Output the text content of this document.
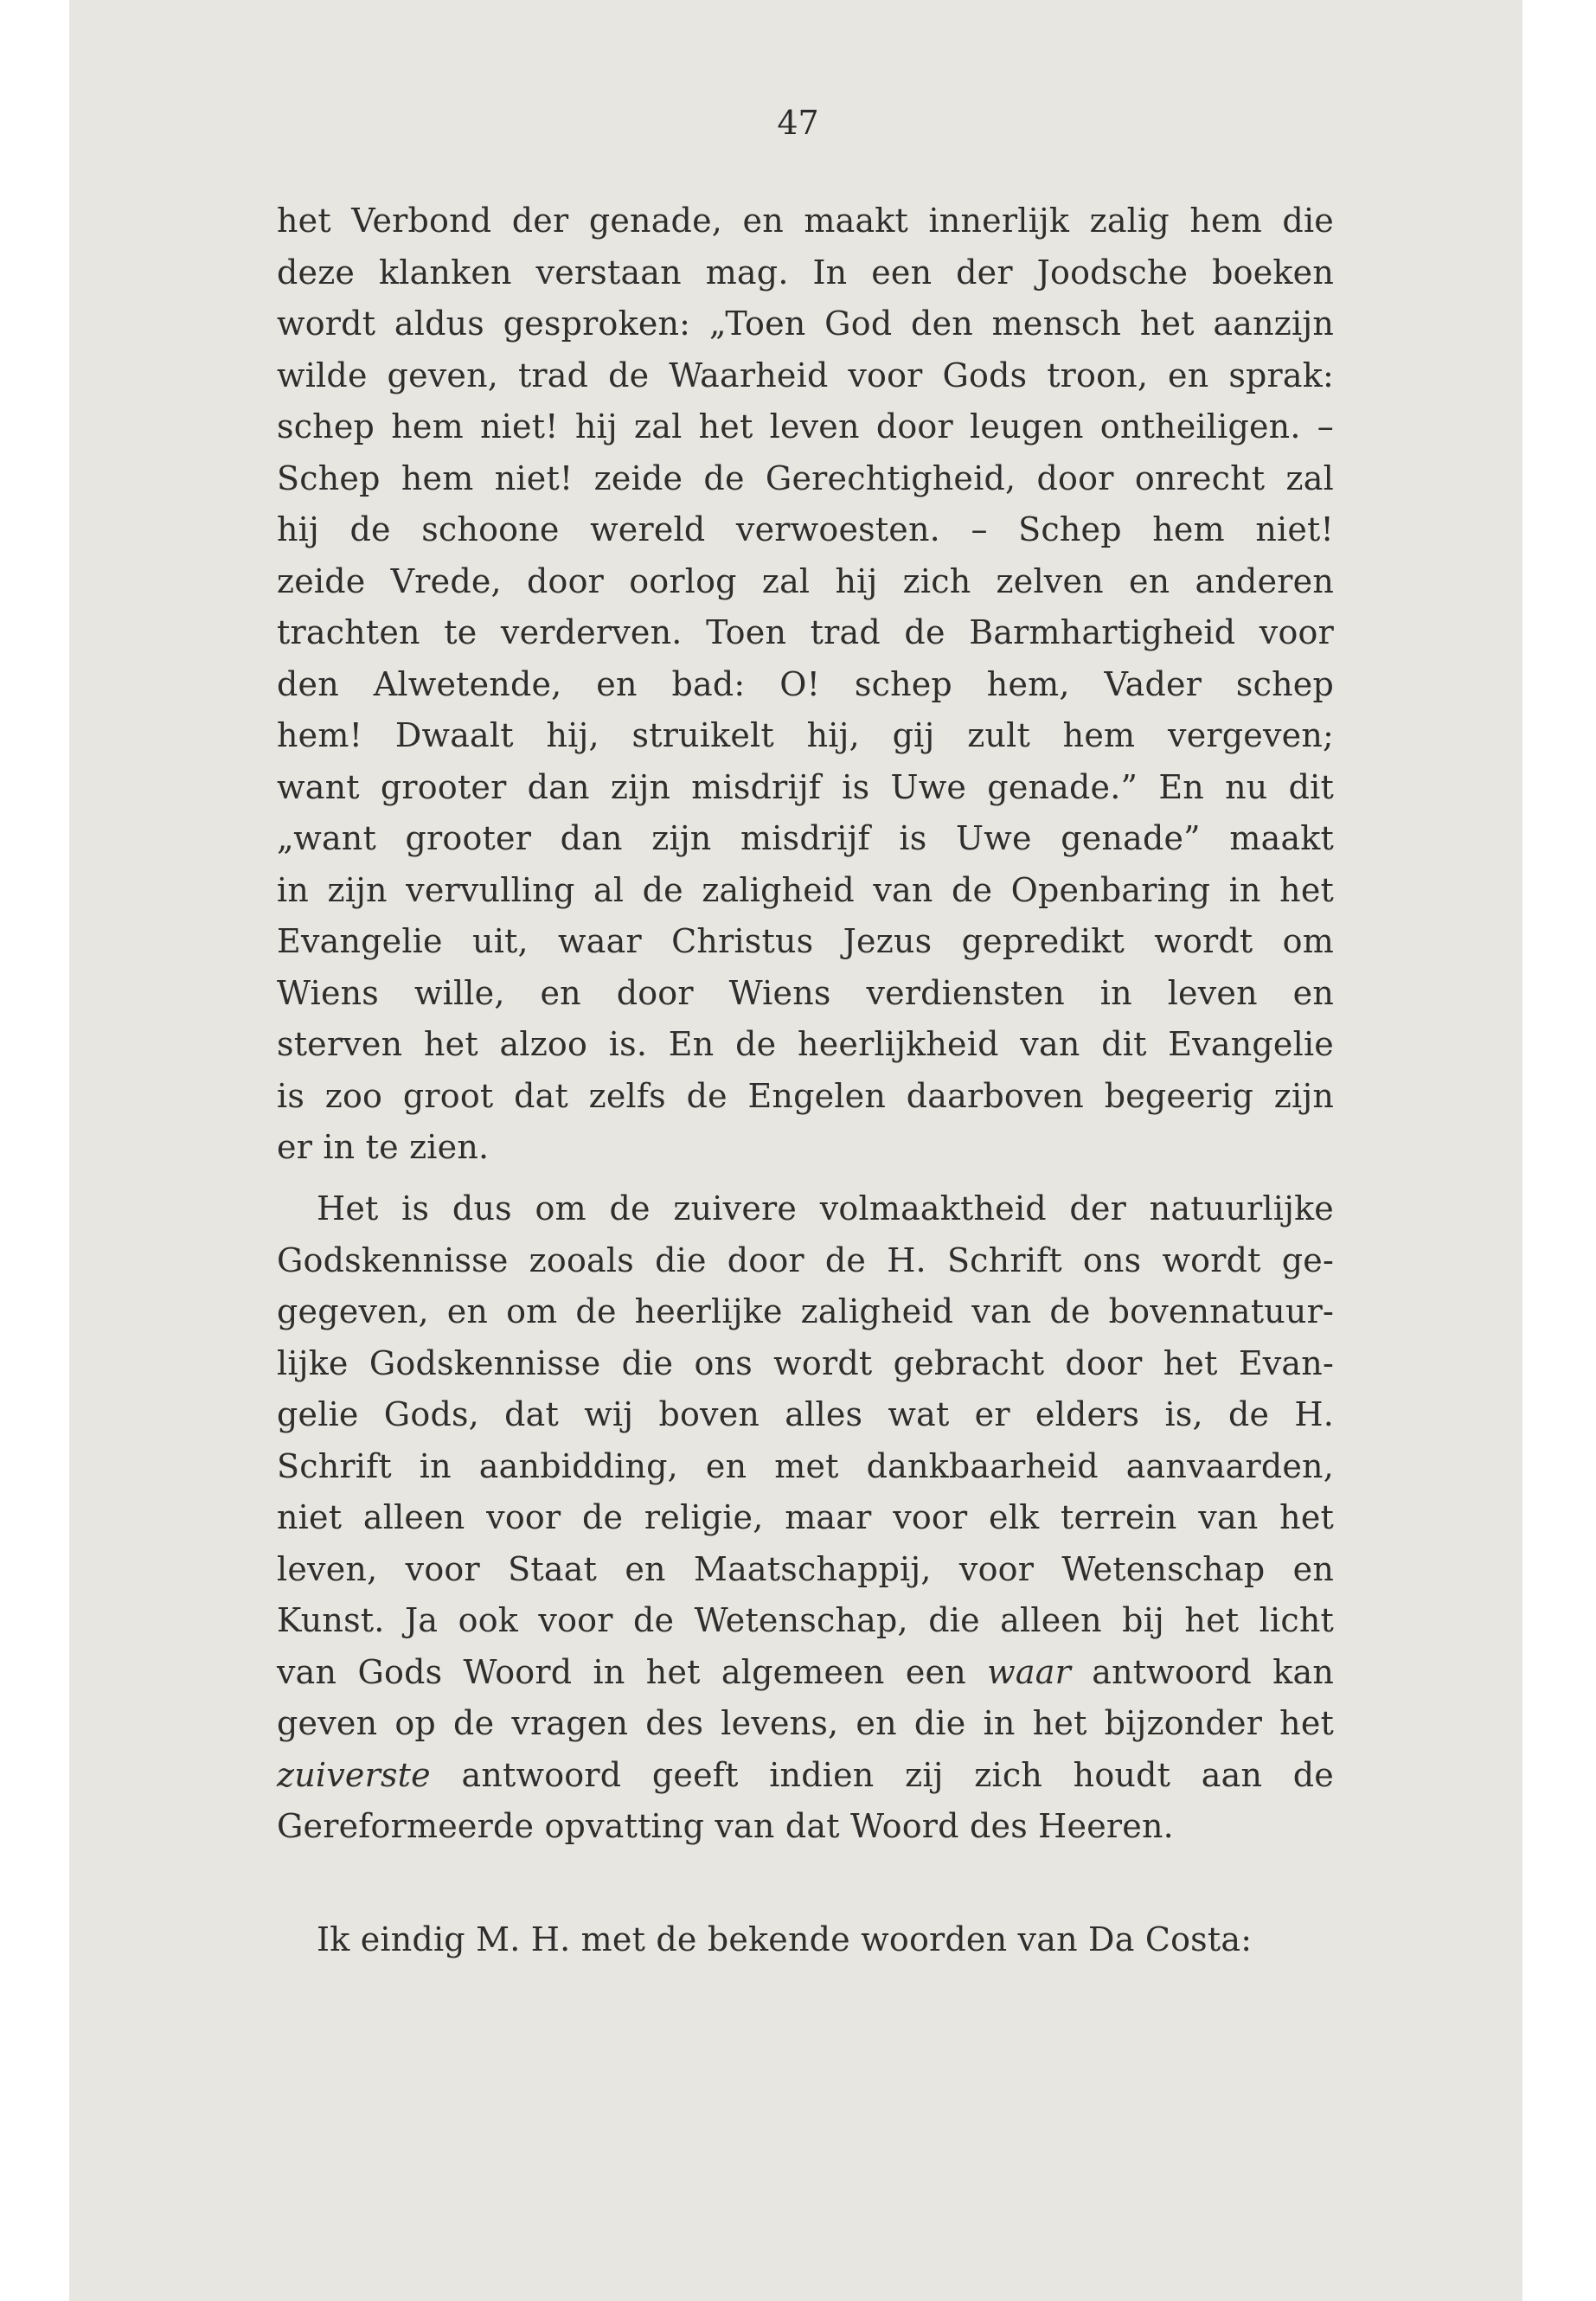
47

het Verbond der genade, en maakt innerlijk zalig hem die
deze klanken verstaan mag. In een der Joodsche boeken
wordt aldus gesproken: „Toen God den mensch het aanzijn
wilde geven, trad de Waarheid voor Gods troon, en sprak:
schep hem niet! hij zal het leven door leugen ontheiligen. –
Schep hem niet! zeide de Gerechtigheid, door onrecht zal
hij de schoone wereld verwoesten. – Schep hem niet!
zeide Vrede, door oorlog zal hij zich zelven en anderen
trachten te verderven. Toen trad de Barmhartigheid voor
den Alwetende, en bad: O! schep hem, Vader schep
hem! Dwaalt hij, struikelt hij, gij zult hem vergeven;
want grooter dan zijn misdrijf is Uwe genade.” En nu dit
„want grooter dan zijn misdrijf is Uwe genade” maakt
in zijn vervulling al de zaligheid van de Openbaring in het
Evangelie uit, waar Christus Jezus gepredikt wordt om
Wiens wille, en door Wiens verdiensten in leven en
sterven het alzoo is. En de heerlijkheid van dit Evangelie
is zoo groot dat zelfs de Engelen daarboven begeerig zijn
er in te zien.
Het is dus om de zuivere volmaaktheid der natuurlijke
Godskennisse zooals die door de H. Schrift ons wordt ge-
gegeven, en om de heerlijke zaligheid van de bovennatuur-
lijke Godskennisse die ons wordt gebracht door het Evan-
gelie Gods, dat wij boven alles wat er elders is, de H.
Schrift in aanbidding, en met dankbaarheid aanvaarden,
niet alleen voor de religie, maar voor elk terrein van het
leven, voor Staat en Maatschappij, voor Wetenschap en
Kunst. Ja ook voor de Wetenschap, die alleen bij het licht
van Gods Woord in het algemeen een waar antwoord kan
geven op de vragen des levens, en die in het bijzonder het
zuiverste antwoord geeft indien zij zich houdt aan de
Gereformeerde opvatting van dat Woord des Heeren.
Ik eindig M. H. met de bekende woorden van Da Costa:
